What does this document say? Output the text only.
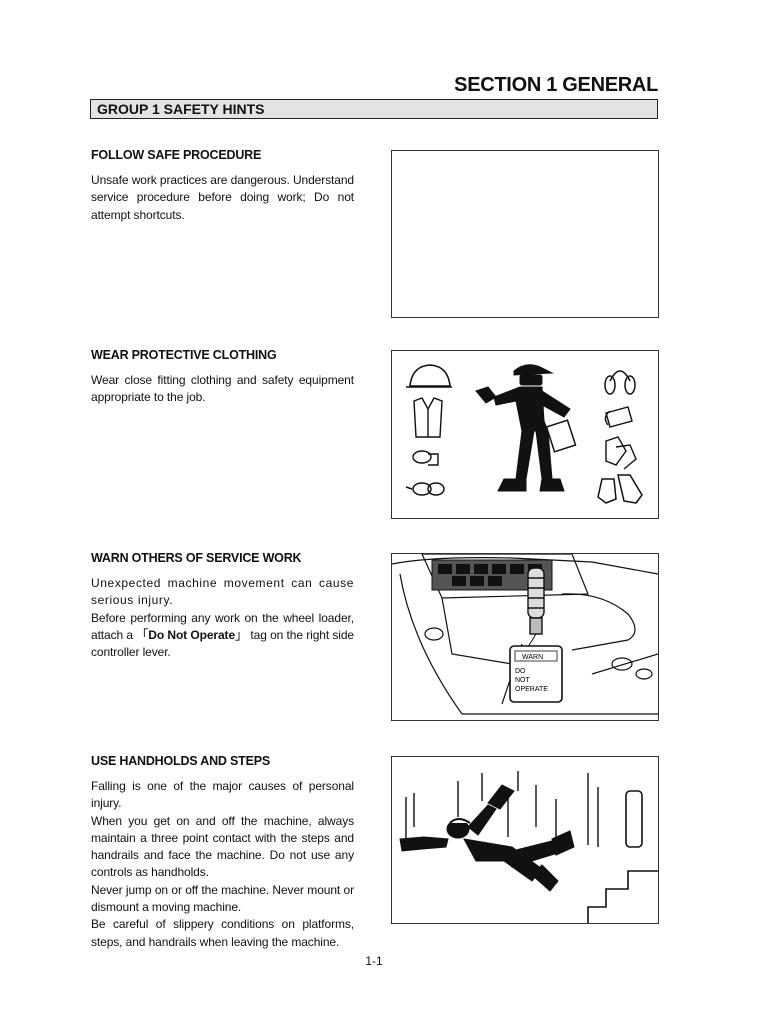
SECTION 1 GENERAL
GROUP 1 SAFETY HINTS
FOLLOW SAFE PROCEDURE

Unsafe work practices are dangerous. Understand service procedure before doing work; Do not attempt shortcuts.

WEAR PROTECTIVE CLOTHING

Wear close fitting clothing and safety equipment appropriate to the job.

WARN OTHERS OF SERVICE WORK

Unexpected machine movement can cause serious injury.

Before performing any work on the wheel loader, attach a 「Do Not Operate」 tag on the right side controller lever.	WARN
DO
NOT
OPERATE
USE HANDHOLDS AND STEPS

Falling is one of the major causes of personal injury.

When you get on and off the machine, always maintain a three point contact with the steps and handrails and face the machine. Do not use any controls as handholds.

Never jump on or off the machine. Never mount or dismount a moving machine.

Be careful of slippery conditions on platforms, steps, and handrails when leaving the machine.

1-1
